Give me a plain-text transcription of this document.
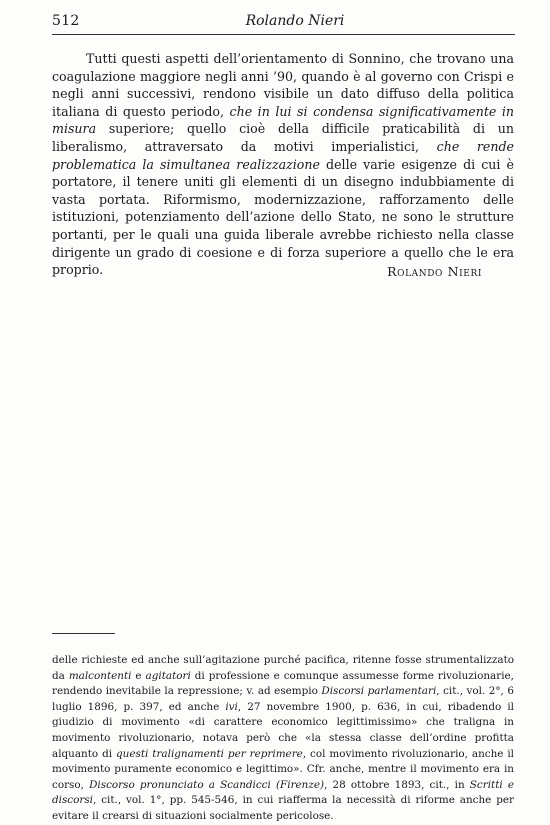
512	Rolando Nieri

Tutti questi aspetti dell’orientamento di Sonnino, che trovano una coagulazione maggiore negli anni ’90, quando è al governo con Crispi e negli anni successivi, rendono visibile un dato diffuso della politica italiana di questo periodo, che in lui si condensa significativamente in misura superiore; quello cioè della difficile praticabilità di un liberalismo, attraversato da motivi imperialistici, che rende problematica la simultanea realizzazione delle varie esigenze di cui è portatore, il tenere uniti gli elementi di un disegno indubbiamente di vasta portata. Riformismo, modernizzazione, rafforzamento delle istituzioni, potenziamento dell’azione dello Stato, ne sono le strutture portanti, per le quali una guida liberale avrebbe richiesto nella classe dirigente un grado di coesione e di forza superiore a quello che le era proprio.	Rolando Nieri

delle richieste ed anche sull’agitazione purché pacifica, ritenne fosse strumentalizzato da malcontenti e agitatori di professione e comunque assumesse forme rivoluzionarie, rendendo inevitabile la repressione; v. ad esempio Discorsi parlamentari, cit., vol. 2°, 6 luglio 1896, p. 397, ed anche ivi, 27 novembre 1900, p. 636, in cui, ribadendo il giudizio di movimento «di carattere economico legittimissimo» che traligna in movimento rivoluzionario, notava però che «la stessa classe dell’ordine profitta alquanto di questi tralignamenti per reprimere, col movimento rivoluzionario, anche il movimento puramente economico e legittimo». Cfr. anche, mentre il movimento era in corso, Discorso pronunciato a Scandicci (Firenze), 28 ottobre 1893, cit., in Scritti e discorsi, cit., vol. 1°, pp. 545-546, in cui riafferma la necessità di riforme anche per evitare il crearsi di situazioni socialmente pericolose.
